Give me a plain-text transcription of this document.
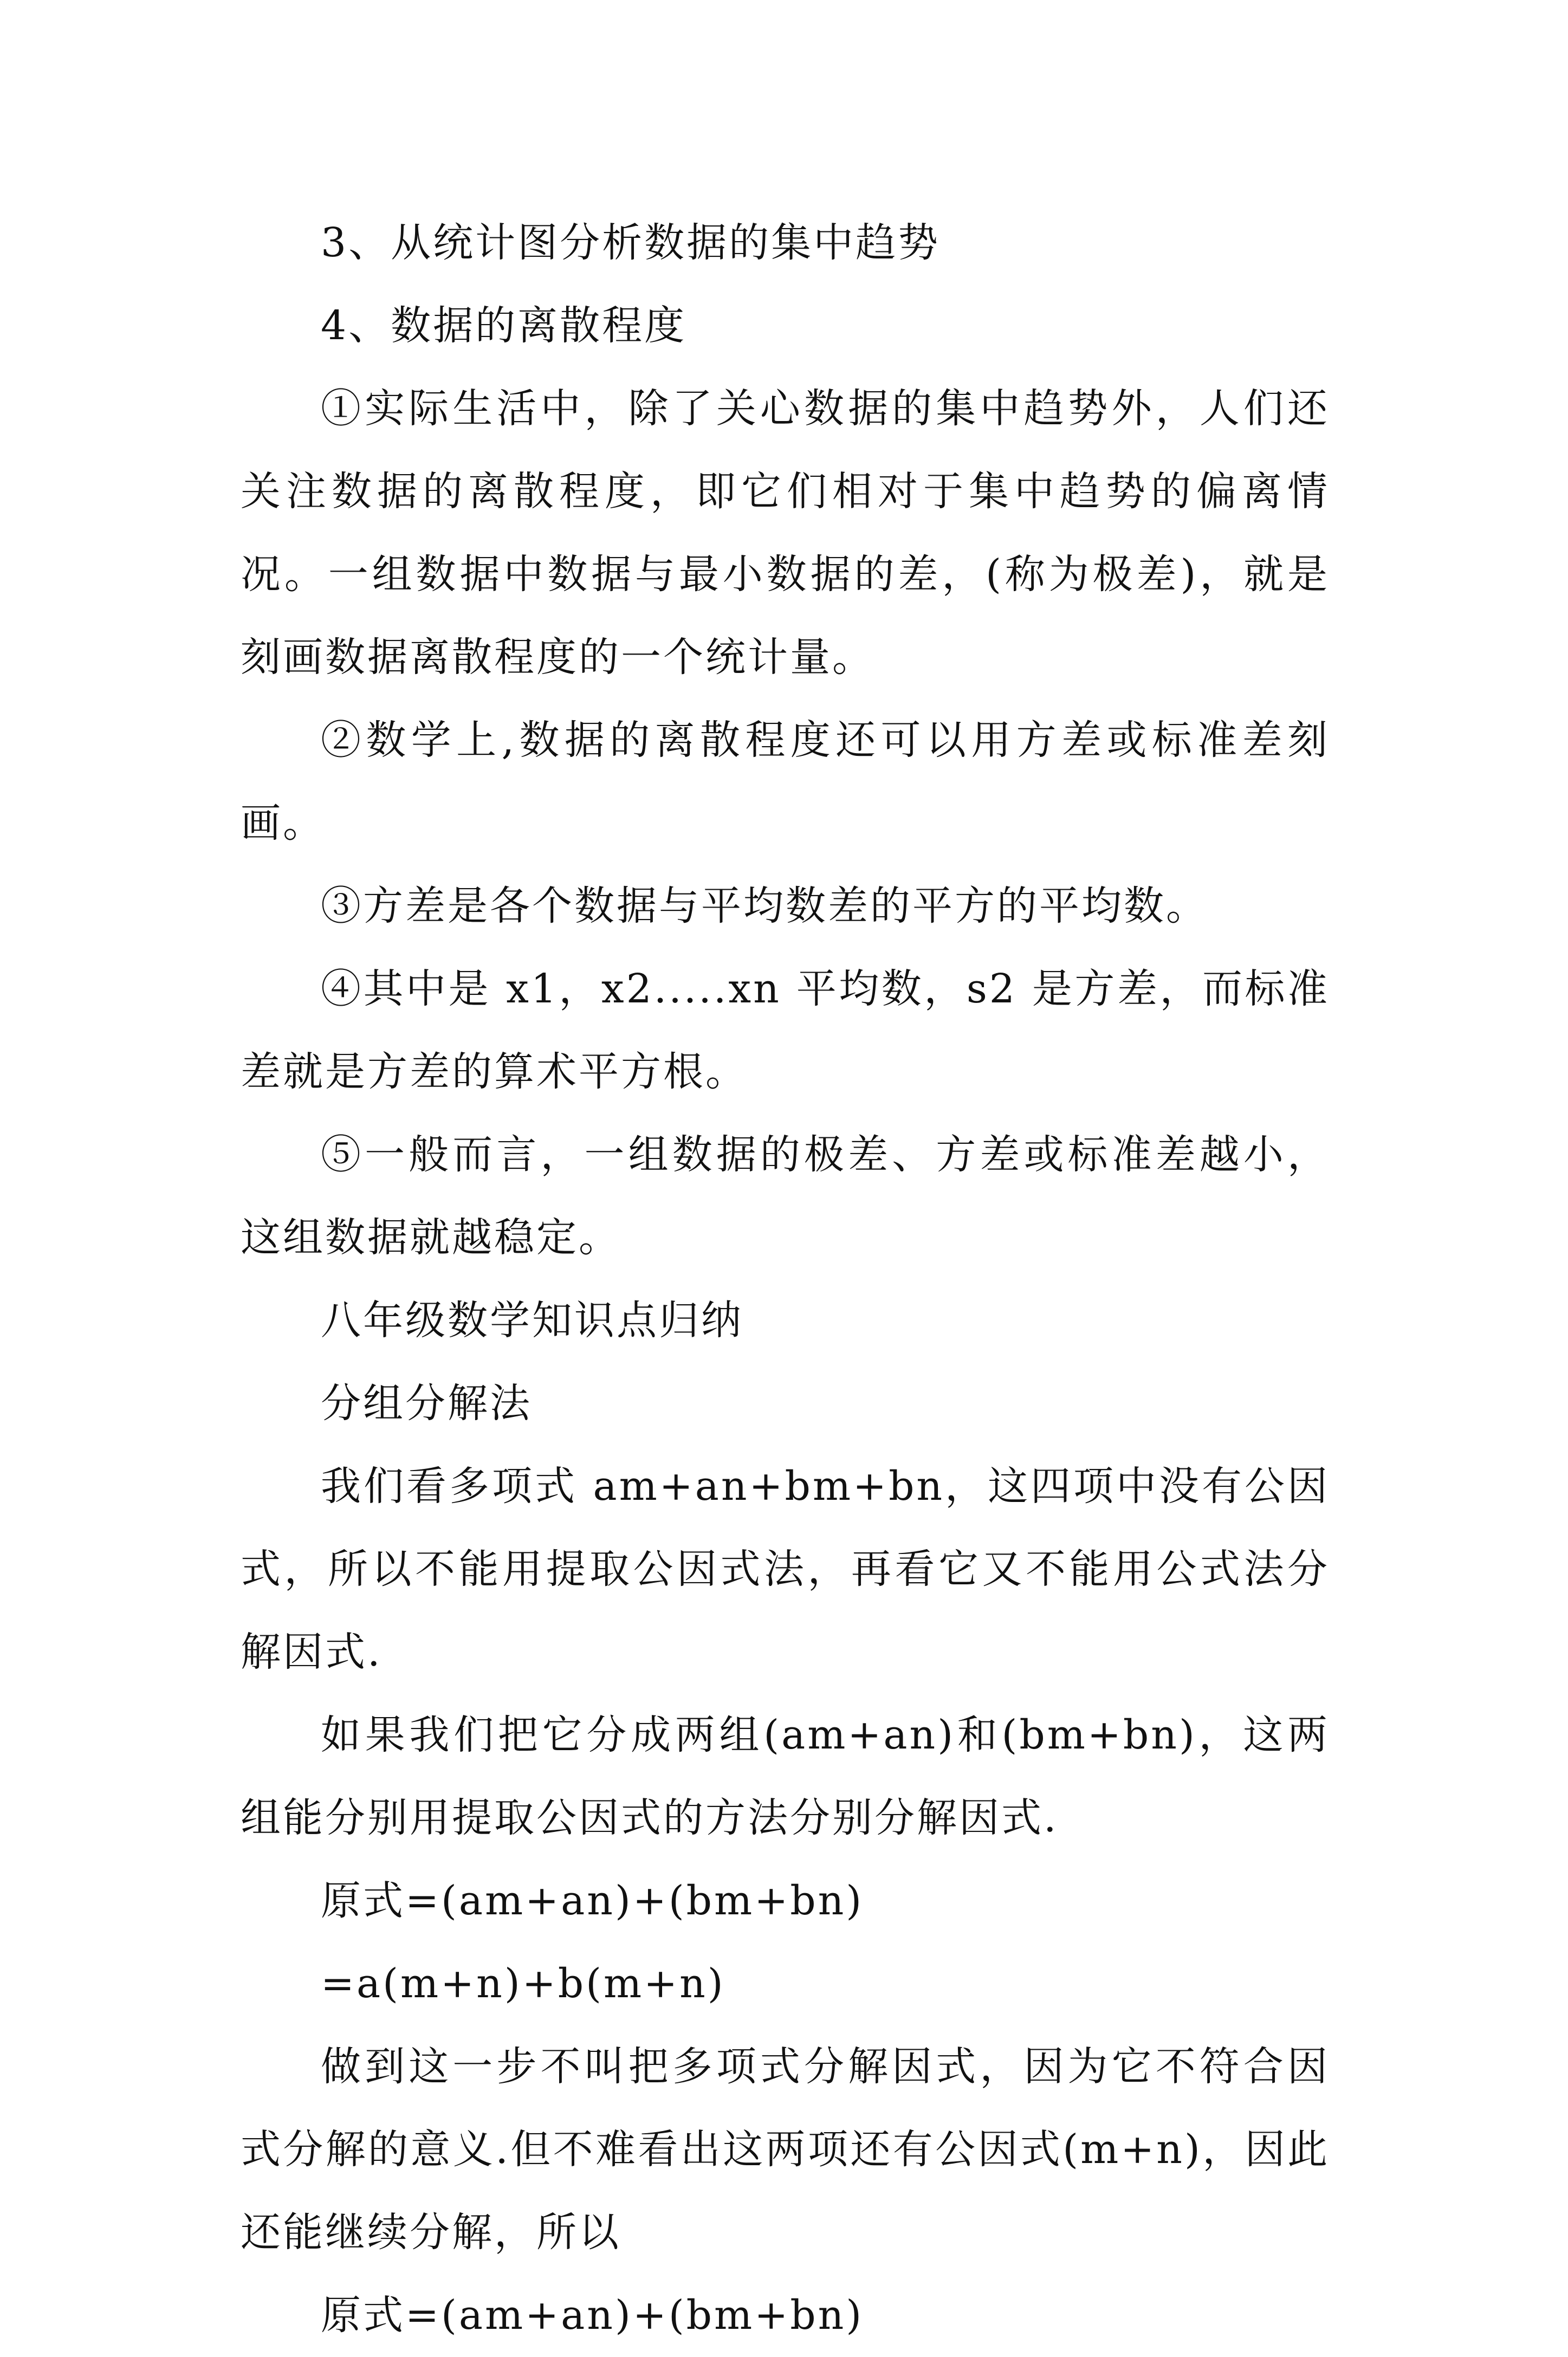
3、从统计图分析数据的集中趋势

4、数据的离散程度

①实际生活中，除了关心数据的集中趋势外，人们还关注数据的离散程度，即它们相对于集中趋势的偏离情况。一组数据中数据与最小数据的差，(称为极差)，就是刻画数据离散程度的一个统计量。

②数学上,数据的离散程度还可以用方差或标准差刻画。

③方差是各个数据与平均数差的平方的平均数。

④其中是 x1，x2.....xn 平均数，s2 是方差，而标准差就是方差的算术平方根。

⑤一般而言，一组数据的极差、方差或标准差越小，这组数据就越稳定。

八年级数学知识点归纳

分组分解法

我们看多项式 am+an+bm+bn，这四项中没有公因式，所以不能用提取公因式法，再看它又不能用公式法分解因式.

如果我们把它分成两组(am+an)和(bm+bn)，这两组能分别用提取公因式的方法分别分解因式.

原式=(am+an)+(bm+bn)

=a(m+n)+b(m+n)

做到这一步不叫把多项式分解因式，因为它不符合因式分解的意义.但不难看出这两项还有公因式(m+n)，因此还能继续分解，所以

原式=(am+an)+(bm+bn)
